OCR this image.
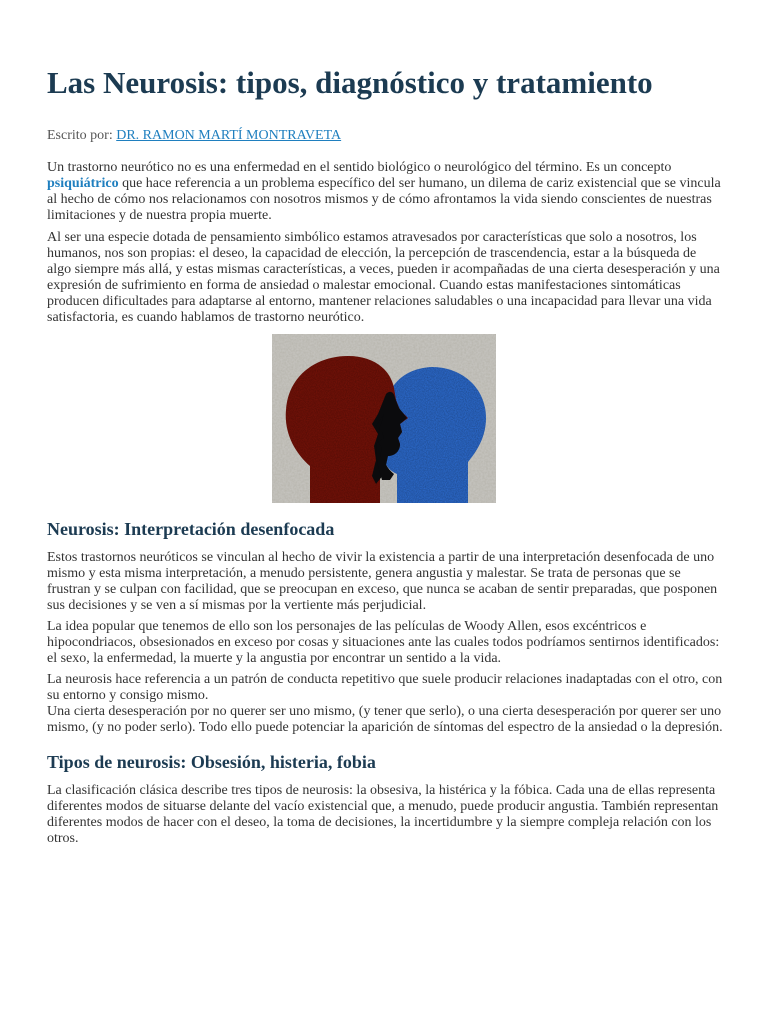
Las Neurosis: tipos, diagnóstico y tratamiento
Escrito por: DR. RAMON MARTÍ MONTRAVETA

Un trastorno neurótico no es una enfermedad en el sentido biológico o neurológico del término. Es un concepto psiquiátrico que hace referencia a un problema específico del ser humano, un dilema de cariz existencial que se vincula al hecho de cómo nos relacionamos con nosotros mismos y de cómo afrontamos la vida siendo conscientes de nuestras limitaciones y de nuestra propia muerte.

Al ser una especie dotada de pensamiento simbólico estamos atravesados por características que solo a nosotros, los humanos, nos son propias: el deseo, la capacidad de elección, la percepción de trascendencia, estar a la búsqueda de algo siempre más allá, y estas mismas características, a veces, pueden ir acompañadas de una cierta desesperación y una expresión de sufrimiento en forma de ansiedad o malestar emocional. Cuando estas manifestaciones sintomáticas producen dificultades para adaptarse al entorno, mantener relaciones saludables o una incapacidad para llevar una vida satisfactoria, es cuando hablamos de trastorno neurótico.

Neurosis: Interpretación desenfocada

Estos trastornos neuróticos se vinculan al hecho de vivir la existencia a partir de una interpretación desenfocada de uno mismo y esta misma interpretación, a menudo persistente, genera angustia y malestar. Se trata de personas que se frustran y se culpan con facilidad, que se preocupan en exceso, que nunca se acaban de sentir preparadas, que posponen sus decisiones y se ven a sí mismas por la vertiente más perjudicial.

La idea popular que tenemos de ello son los personajes de las películas de Woody Allen, esos excéntricos e hipocondriacos, obsesionados en exceso por cosas y situaciones ante las cuales todos podríamos sentirnos identificados: el sexo, la enfermedad, la muerte y la angustia por encontrar un sentido a la vida.

La neurosis hace referencia a un patrón de conducta repetitivo que suele producir relaciones inadaptadas con el otro, con su entorno y consigo mismo.

Una cierta desesperación por no querer ser uno mismo, (y tener que serlo), o una cierta desesperación por querer ser uno mismo, (y no poder serlo). Todo ello puede potenciar la aparición de síntomas del espectro de la ansiedad o la depresión.

Tipos de neurosis: Obsesión, histeria, fobia

La clasificación clásica describe tres tipos de neurosis: la obsesiva, la histérica y la fóbica. Cada una de ellas representa diferentes modos de situarse delante del vacío existencial que, a menudo, puede producir angustia. También representan diferentes modos de hacer con el deseo, la toma de decisiones, la incertidumbre y la siempre compleja relación con los otros.
